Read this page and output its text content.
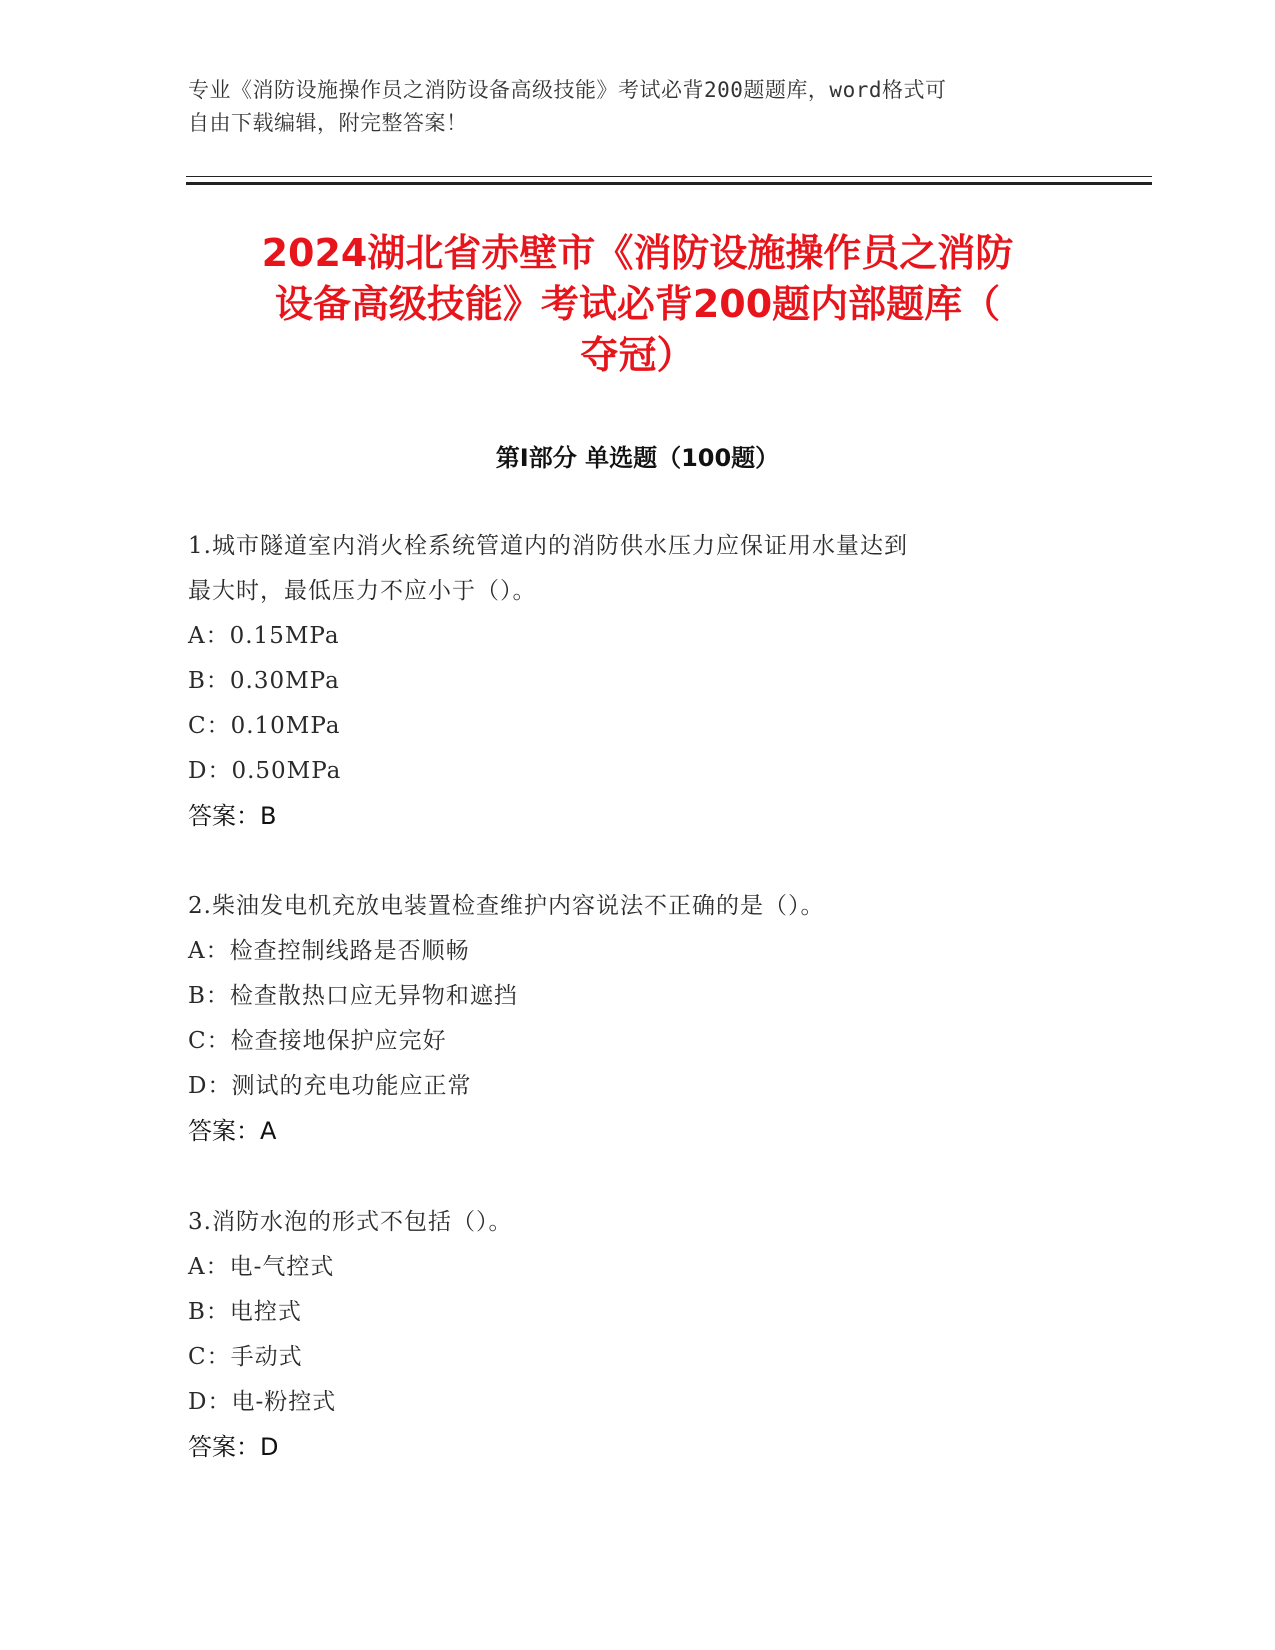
专业《消防设施操作员之消防设备高级技能》考试必背200题题库，word格式可
自由下载编辑，附完整答案！
2024湖北省赤壁市《消防设施操作员之消防
设备高级技能》考试必背200题内部题库（
夺冠）
第I部分 单选题（100题）

1.城市隧道室内消火栓系统管道内的消防供水压力应保证用水量达到

最大时，最低压力不应小于（）。

A：0.15MPa

B：0.30MPa

C：0.10MPa

D：0.50MPa

答案：B

2.柴油发电机充放电装置检查维护内容说法不正确的是（）。

A：检查控制线路是否顺畅

B：检查散热口应无异物和遮挡

C：检查接地保护应完好

D：测试的充电功能应正常

答案：A

3.消防水泡的形式不包括（）。

A：电-气控式

B：电控式

C：手动式

D：电-粉控式

答案：D
